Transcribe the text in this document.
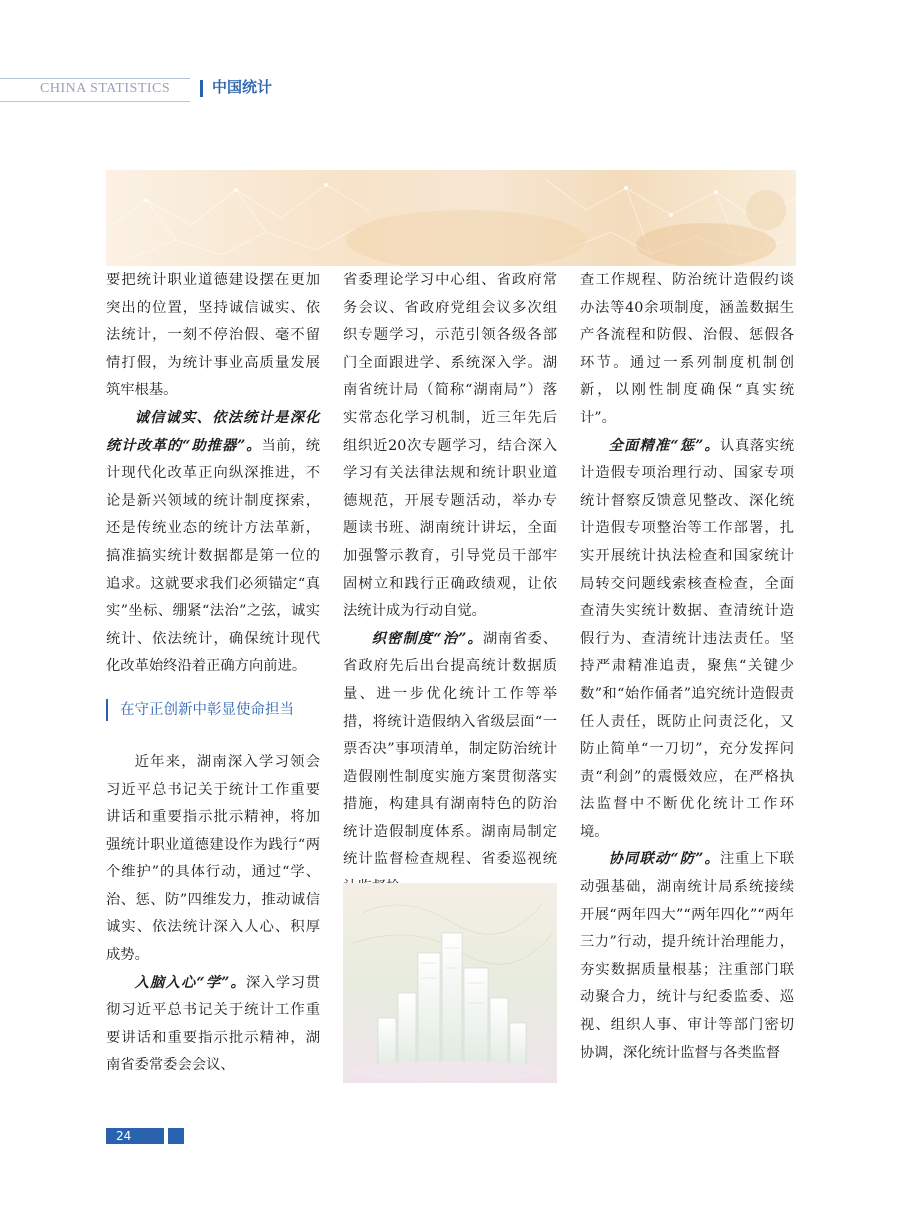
CHINA STATISTICS	中国统计

要把统计职业道德建设摆在更加突出的位置，坚持诚信诚实、依法统计，一刻不停治假、毫不留情打假，为统计事业高质量发展筑牢根基。

诚信诚实、依法统计是深化统计改革的“助推器”。当前，统计现代化改革正向纵深推进，不论是新兴领域的统计制度探索，还是传统业态的统计方法革新，搞准搞实统计数据都是第一位的追求。这就要求我们必须锚定“真实”坐标、绷紧“法治”之弦，诚实统计、依法统计，确保统计现代化改革始终沿着正确方向前进。

在守正创新中彰显使命担当

近年来，湖南深入学习领会习近平总书记关于统计工作重要讲话和重要指示批示精神，将加强统计职业道德建设作为践行“两个维护”的具体行动，通过“学、治、惩、防”四维发力，推动诚信诚实、依法统计深入人心、积厚成势。

入脑入心“学”。深入学习贯彻习近平总书记关于统计工作重要讲话和重要指示批示精神，湖南省委常委会会议、

省委理论学习中心组、省政府常务会议、省政府党组会议多次组织专题学习，示范引领各级各部门全面跟进学、系统深入学。湖南省统计局（简称“湖南局”）落实常态化学习机制，近三年先后组织近20次专题学习，结合深入学习有关法律法规和统计职业道德规范，开展专题活动，举办专题读书班、湖南统计讲坛，全面加强警示教育，引导党员干部牢固树立和践行正确政绩观，让依法统计成为行动自觉。

织密制度“治”。湖南省委、省政府先后出台提高统计数据质量、进一步优化统计工作等举措，将统计造假纳入省级层面“一票否决”事项清单，制定防治统计造假刚性制度实施方案贯彻落实措施，构建具有湖南特色的防治统计造假制度体系。湖南局制定统计监督检查规程、省委巡视统

查工作规程、防治统计造假约谈办法等40余项制度，涵盖数据生产各流程和防假、治假、惩假各环节。通过一系列制度机制创新，以刚性制度确保“真实统计”。

全面精准“惩”。认真落实统计造假专项治理行动、国家专项统计督察反馈意见整改、深化统计造假专项整治等工作部署，扎实开展统计执法检查和国家统计局转交问题线索核查检查，全面查清失实统计数据、查清统计造假行为、查清统计违法责任。坚持严肃精准追责，聚焦“关键少数”和“始作俑者”追究统计造假责任人责任，既防止问责泛化，又防止简单“一刀切”，充分发挥问责“利剑”的震慑效应，在严格执法监督中不断优化统计工作环境。

协同联动“防”。注重上下联动强基础，湖南统计局系统接续开展“两年四大”“两年四化”“两年三力”行动，提升统计治理能力，夯实数据质量根基；注重部门联动聚合力，统计与纪委监委、巡视、组织人事、审计等部门密切协调，深化统计监督与各类监督

24
